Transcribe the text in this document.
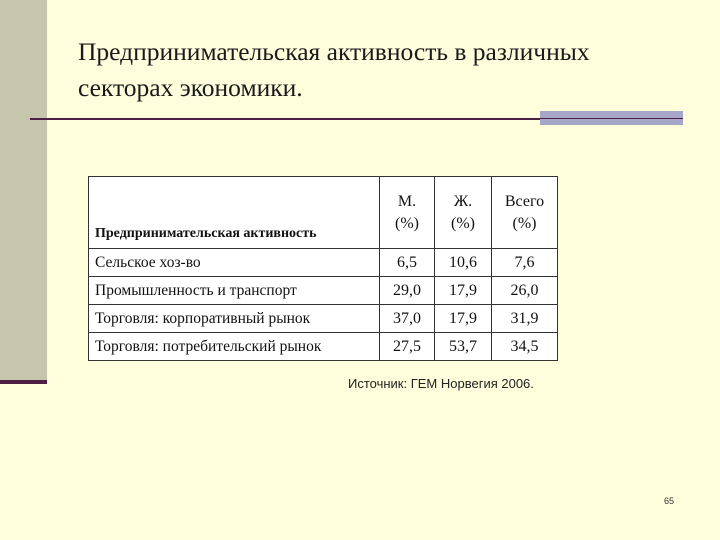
Предпринимательская активность в различных
секторах экономики.
Предпринимательская активность	М. (%)	Ж. (%)	Всего (%)
Сельское хоз-во	6,5	10,6	7,6
Промышленность и транспорт	29,0	17,9	26,0
Торговля: корпоративный рынок	37,0	17,9	31,9
Торговля: потребительский рынок	27,5	53,7	34,5
Источник: ГЕМ Норвегия 2006.
65
